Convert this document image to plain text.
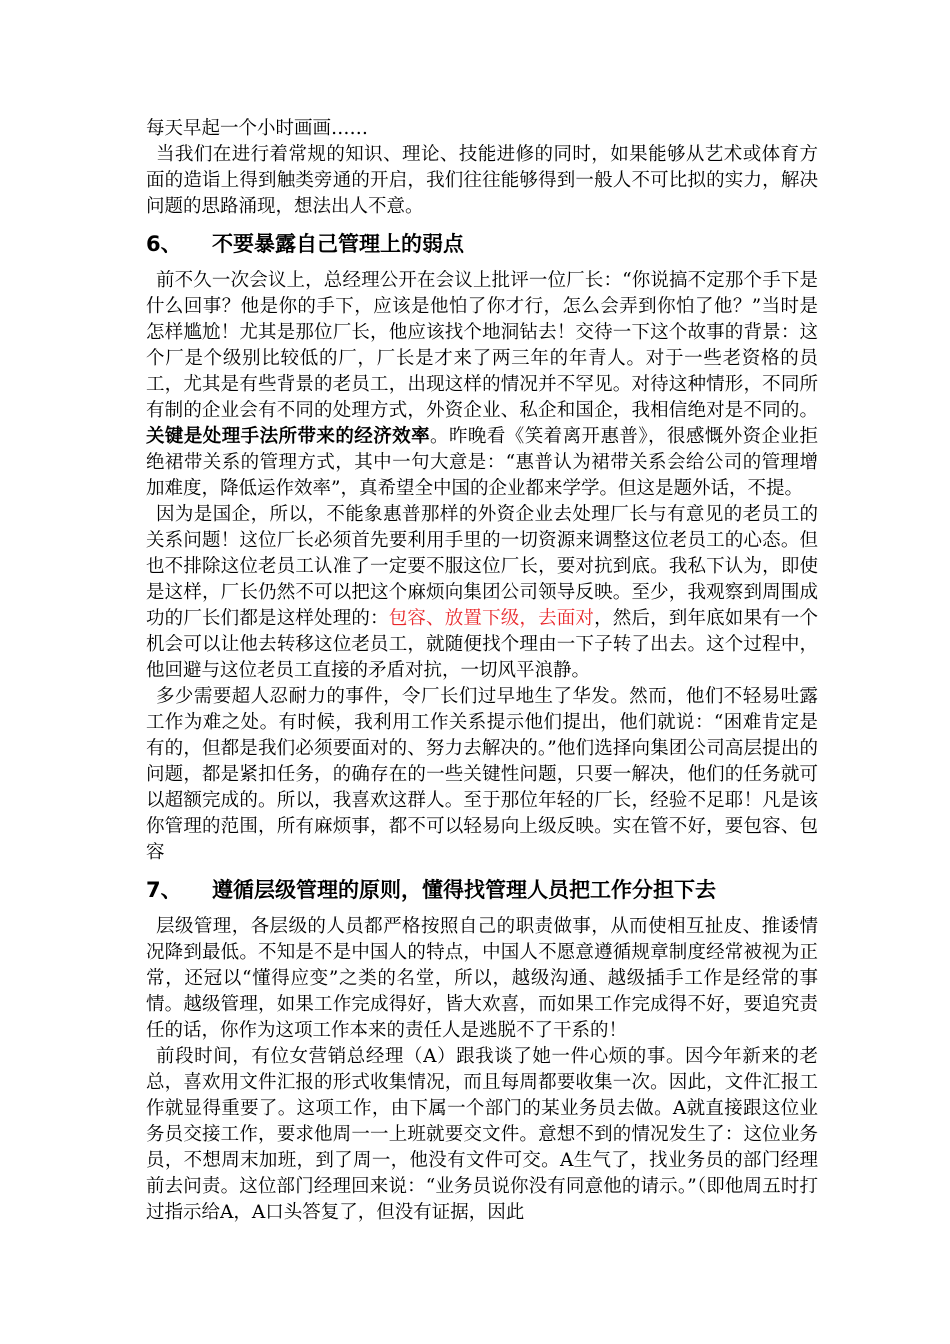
每天早起一个小时画画……

当我们在进行着常规的知识、理论、技能进修的同时，如果能够从艺术或体育方面的造诣上得到触类旁通的开启，我们往往能够得到一般人不可比拟的实力，解决问题的思路涌现，想法出人不意。

6、	不要暴露自己管理上的弱点

前不久一次会议上，总经理公开在会议上批评一位厂长：“你说搞不定那个手下是什么回事？他是你的手下，应该是他怕了你才行，怎么会弄到你怕了他？”当时是怎样尴尬！尤其是那位厂长，他应该找个地洞钻去！交待一下这个故事的背景：这个厂是个级别比较低的厂，厂长是才来了两三年的年青人。对于一些老资格的员工，尤其是有些背景的老员工，出现这样的情况并不罕见。对待这种情形，不同所有制的企业会有不同的处理方式，外资企业、私企和国企，我相信绝对是不同的。关键是处理手法所带来的经济效率。昨晚看《笑着离开惠普》，很感慨外资企业拒绝裙带关系的管理方式，其中一句大意是：“惠普认为裙带关系会给公司的管理增加难度，降低运作效率”，真希望全中国的企业都来学学。但这是题外话，不提。

因为是国企，所以，不能象惠普那样的外资企业去处理厂长与有意见的老员工的关系问题！这位厂长必须首先要利用手里的一切资源来调整这位老员工的心态。但也不排除这位老员工认准了一定要不服这位厂长，要对抗到底。我私下认为，即使是这样，厂长仍然不可以把这个麻烦向集团公司领导反映。至少，我观察到周围成功的厂长们都是这样处理的：包容、放置下级，去面对，然后，到年底如果有一个机会可以让他去转移这位老员工，就随便找个理由一下子转了出去。这个过程中，他回避与这位老员工直接的矛盾对抗，一切风平浪静。

多少需要超人忍耐力的事件，令厂长们过早地生了华发。然而，他们不轻易吐露工作为难之处。有时候，我利用工作关系提示他们提出，他们就说：“困难肯定是有的，但都是我们必须要面对的、努力去解决的。”他们选择向集团公司高层提出的问题，都是紧扣任务，的确存在的一些关键性问题，只要一解决，他们的任务就可以超额完成的。所以，我喜欢这群人。至于那位年轻的厂长，经验不足耶！凡是该你管理的范围，所有麻烦事，都不可以轻易向上级反映。实在管不好，要包容、包容

7、	遵循层级管理的原则，懂得找管理人员把工作分担下去

层级管理，各层级的人员都严格按照自己的职责做事，从而使相互扯皮、推诿情况降到最低。不知是不是中国人的特点，中国人不愿意遵循规章制度经常被视为正常，还冠以“懂得应变”之类的名堂，所以，越级沟通、越级插手工作是经常的事情。越级管理，如果工作完成得好，皆大欢喜，而如果工作完成得不好，要追究责任的话，你作为这项工作本来的责任人是逃脱不了干系的！

前段时间，有位女营销总经理（A）跟我谈了她一件心烦的事。因今年新来的老总，喜欢用文件汇报的形式收集情况，而且每周都要收集一次。因此，文件汇报工作就显得重要了。这项工作，由下属一个部门的某业务员去做。A就直接跟这位业务员交接工作，要求他周一一上班就要交文件。意想不到的情况发生了：这位业务员，不想周末加班，到了周一，他没有文件可交。A生气了，找业务员的部门经理前去问责。这位部门经理回来说：“业务员说你没有同意他的请示。”（即他周五时打过指示给A，A口头答复了，但没有证据，因此
